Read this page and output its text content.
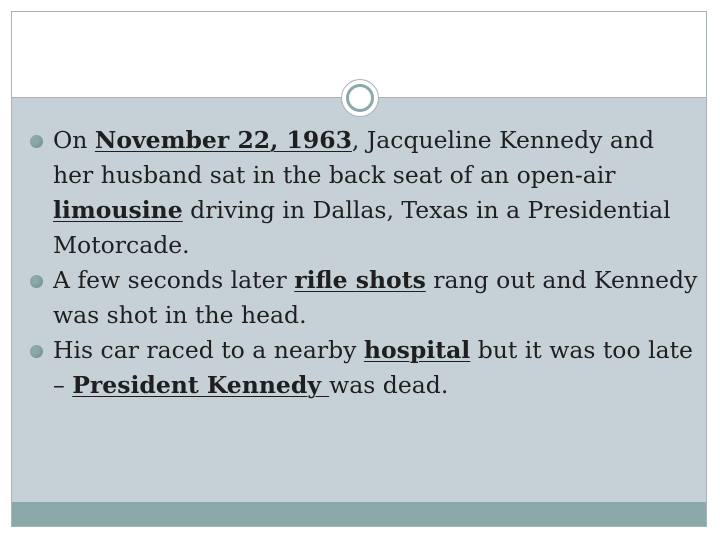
On November 22, 1963, Jacqueline Kennedy and her husband sat in the back seat of an open-air limousine driving in Dallas, Texas in a Presidential Motorcade.
A few seconds later rifle shots rang out and Kennedy was shot in the head.
His car raced to a nearby hospital but it was too late – President Kennedy was dead.
